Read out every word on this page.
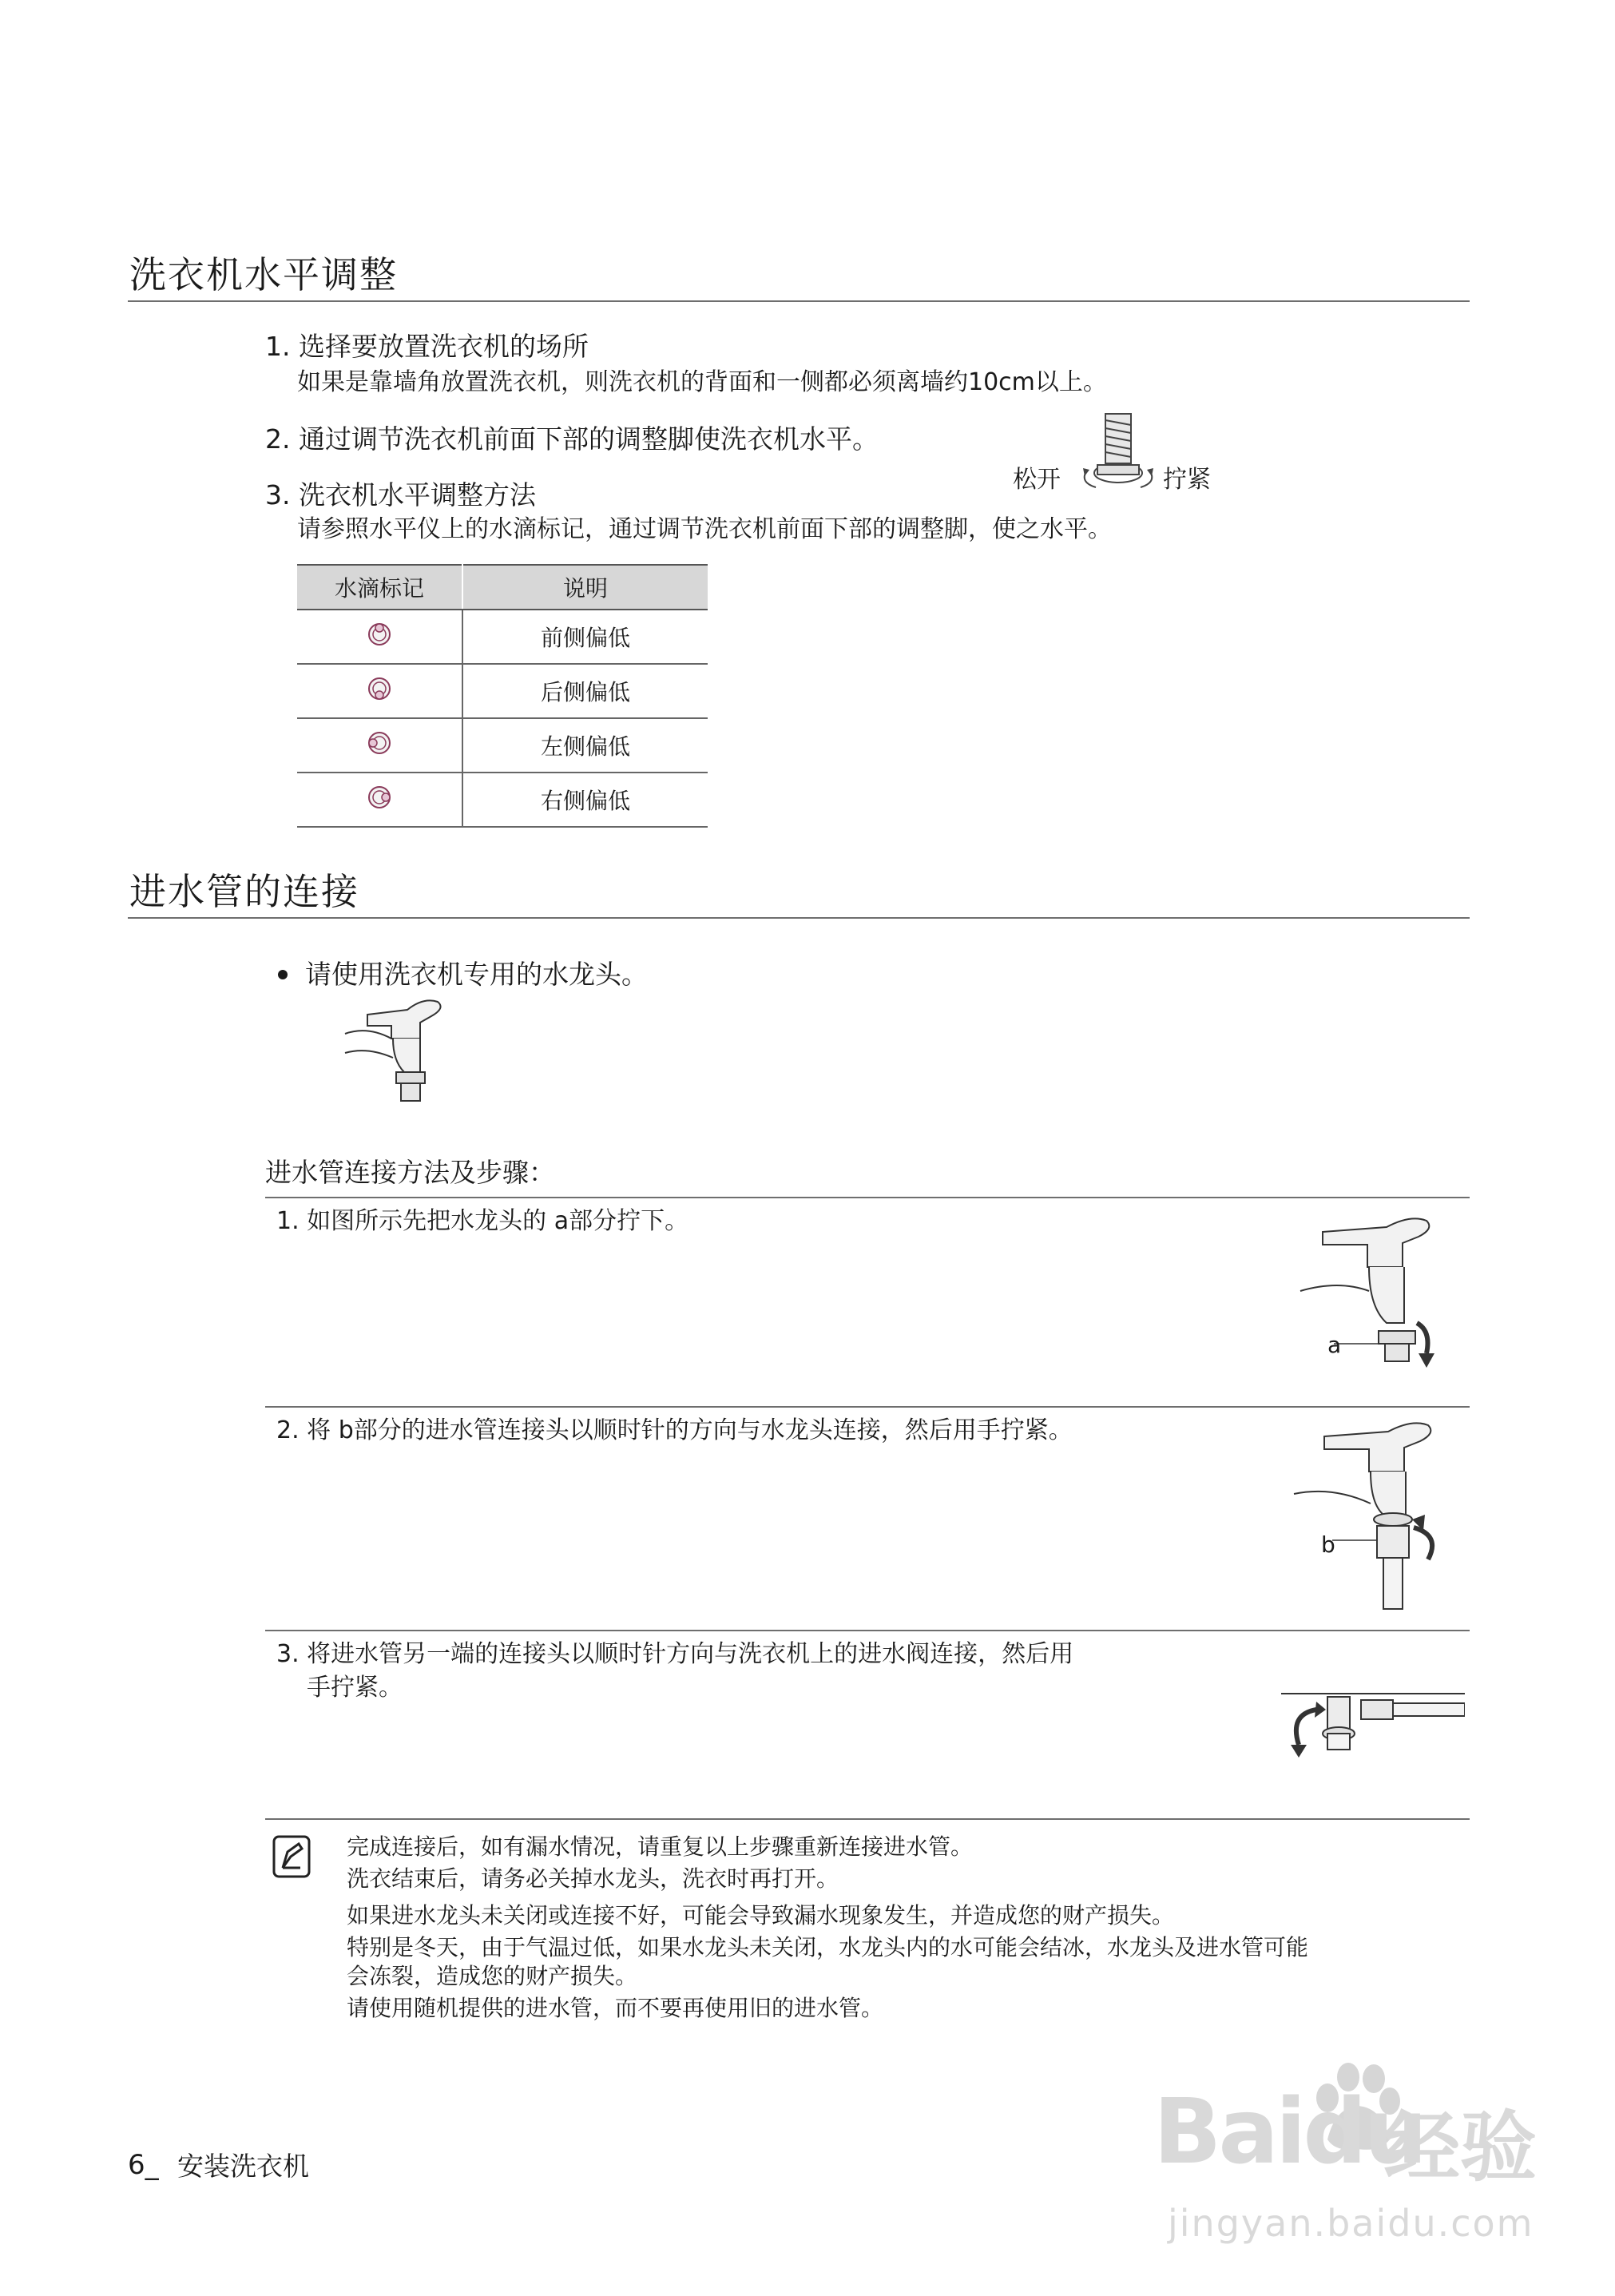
洗衣机水平调整
1. 选择要放置洗衣机的场所
如果是靠墙角放置洗衣机，则洗衣机的背面和一侧都必须离墙约10cm以上。
2. 通过调节洗衣机前面下部的调整脚使洗衣机水平。
3. 洗衣机水平调整方法
请参照水平仪上的水滴标记，通过调节洗衣机前面下部的调整脚，使之水平。
松开	拧紧
水滴标记	说明
	前侧偏低
	后侧偏低
	左侧偏低
	右侧偏低
进水管的连接
请使用洗衣机专用的水龙头。
进水管连接方法及步骤：
1. 如图所示先把水龙头的 a部分拧下。
a
2. 将 b部分的进水管连接头以顺时针的方向与水龙头连接，然后用手拧紧。
b
3. 将进水管另一端的连接头以顺时针方向与洗衣机上的进水阀连接，然后用
手拧紧。
完成连接后，如有漏水情况，请重复以上步骤重新连接进水管。
洗衣结束后，请务必关掉水龙头，洗衣时再打开。
如果进水龙头未关闭或连接不好，可能会导致漏水现象发生，并造成您的财产损失。
特别是冬天，由于气温过低，如果水龙头未关闭，水龙头内的水可能会结冰，水龙头及进水管可能
会冻裂，造成您的财产损失。
请使用随机提供的进水管，而不要再使用旧的进水管。
6_ 安装洗衣机	Baidu
经验
jingyan.baidu.com
